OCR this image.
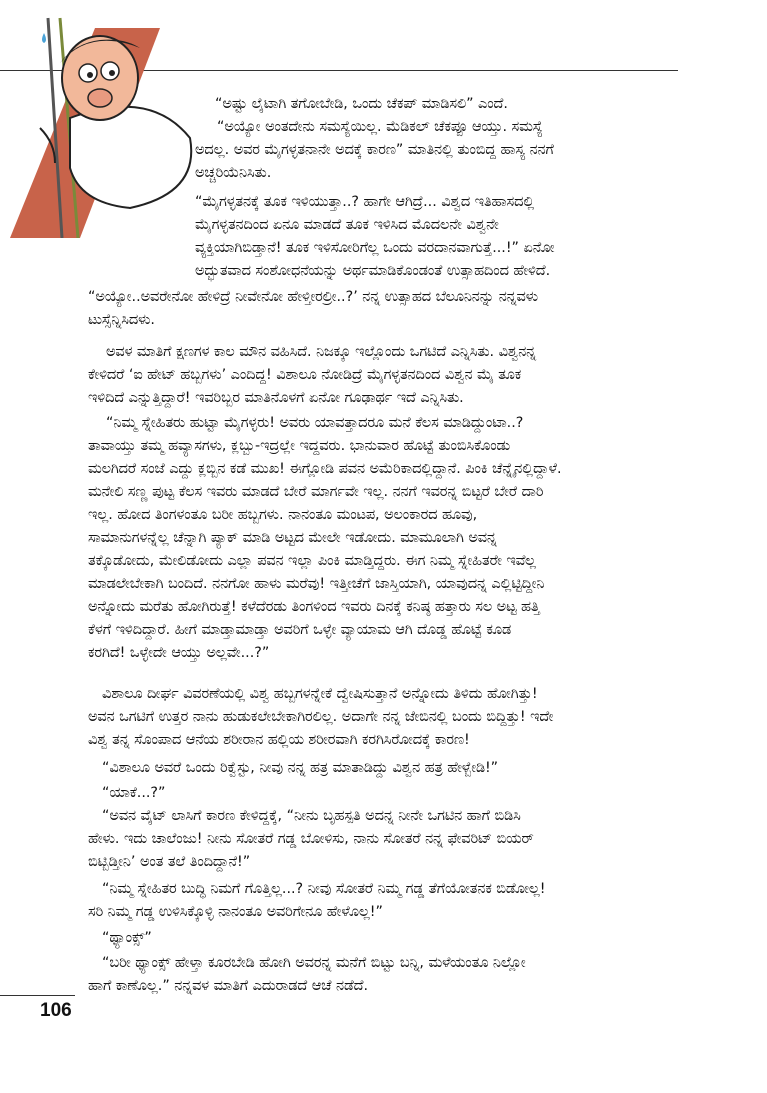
“ಅಷ್ಟು ಲೈಟಾಗಿ ತಗೋಬೇಡಿ, ಒಂದು ಚೆಕಪ್ ಮಾಡಿಸಲಿ” ಎಂದೆ.

“ಅಯ್ಯೋ ಅಂತದೇನು ಸಮಸ್ಯೆಯಿಲ್ಲ. ಮೆಡಿಕಲ್ ಚೆಕಪ್ಪೂ ಆಯ್ತು. ಸಮಸ್ಯೆ
ಅದಲ್ಲ. ಅವರ ಮೈಗಳ್ಳತನಾನೇ ಅದಕ್ಕೆ ಕಾರಣ” ಮಾತಿನಲ್ಲಿ ತುಂಬಿದ್ದ ಹಾಸ್ಯ ನನಗೆ
ಅಚ್ಚರಿಯೆನಿಸಿತು.

“ಮೈಗಳ್ಳತನಕ್ಕೆ ತೂಕ ಇಳಿಯುತ್ತಾ..? ಹಾಗೇ ಆಗಿದ್ರೆ... ವಿಶ್ವದ ಇತಿಹಾಸದಲ್ಲಿ
ಮೈಗಳ್ಳತನದಿಂದ ಏನೂ ಮಾಡದೆ ತೂಕ ಇಳಿಸಿದ ಮೊದಲನೇ ವಿಶ್ವನೇ
ವ್ಯಕ್ತಿಯಾಗಿಬಿಡ್ತಾನೆ! ತೂಕ ಇಳಿಸೋರಿಗೆಲ್ಲ ಒಂದು ವರದಾನವಾಗುತ್ತೆ...!” ಏನೋ
ಅದ್ಭುತವಾದ ಸಂಶೋಧನೆಯನ್ನು ಅರ್ಥಮಾಡಿಕೊಂಡಂತೆ ಉತ್ಸಾಹದಿಂದ ಹೇಳಿದೆ.

“ಅಯ್ಯೋ..ಅವರೇನೋ ಹೇಳಿದ್ರೆ ನೀವೇನೋ ಹೇಳ್ತೀರಲ್ರೀ..?’ ನನ್ನ ಉತ್ಸಾಹದ ಬೆಲೂನಿನನ್ನು ನನ್ನವಳು
ಟುಸ್ಸೆನ್ನಿಸಿದಳು.

ಅವಳ ಮಾತಿಗೆ ಕ್ಷಣಗಳ ಕಾಲ ಮೌನ ವಹಿಸಿದೆ. ನಿಜಕ್ಕೂ ಇಲ್ಲೊಂದು ಒಗಟಿದೆ ಎನ್ನಿಸಿತು. ವಿಶ್ವನನ್ನ
ಕೇಳಿದರೆ ‘ಐ ಹೇಟ್ ಹಬ್ಬಗಳು’ ಎಂದಿದ್ದ! ವಿಶಾಲೂ ನೋಡಿದ್ರೆ ಮೈಗಳ್ಳತನದಿಂದ ವಿಶ್ವನ ಮೈ ತೂಕ
ಇಳಿದಿದೆ ಎನ್ನುತ್ತಿದ್ದಾರೆ! ಇವರಿಬ್ಬರ ಮಾತಿನೊಳಗೆ ಏನೋ ಗೂಢಾರ್ಥ ಇದೆ ಎನ್ನಿಸಿತು.

“ನಿಮ್ಮ ಸ್ನೇಹಿತರು ಹುಟ್ಟಾ ಮೈಗಳ್ಳರು! ಅವರು ಯಾವತ್ತಾದರೂ ಮನೆ ಕೆಲಸ ಮಾಡಿದ್ದುಂಟಾ..?
ತಾವಾಯ್ತು ತಮ್ಮ ಹವ್ಯಾಸಗಳು, ಕ್ಲಬ್ಬು-ಇದ್ರಲ್ಲೇ ಇದ್ದವರು. ಭಾನುವಾರ ಹೊಟ್ಟೆ ತುಂಬಿಸಿಕೊಂಡು
ಮಲಗಿದರೆ ಸಂಜೆ ಎದ್ದು ಕ್ಲಬ್ಬಿನ ಕಡೆ ಮುಖ! ಈಗ್ಲೋಡಿ ಪವನ ಅಮೆರಿಕಾದಲ್ಲಿದ್ದಾನೆ. ಪಿಂಕಿ ಚೆನ್ನೈನಲ್ಲಿದ್ದಾಳೆ.
ಮನೇಲಿ ಸಣ್ಣ ಪುಟ್ಟ ಕೆಲಸ ಇವರು ಮಾಡದೆ ಬೇರೆ ಮಾರ್ಗವೇ ಇಲ್ಲ. ನನಗೆ ಇವರನ್ನ ಬಿಟ್ಟರೆ ಬೇರೆ ದಾರಿ
ಇಲ್ಲ. ಹೋದ ತಿಂಗಳಂತೂ ಬರೀ ಹಬ್ಬಗಳು. ನಾನಂತೂ ಮಂಟಪ, ಅಲಂಕಾರದ ಹೂವು,
ಸಾಮಾನುಗಳನ್ನೆಲ್ಲ ಚೆನ್ನಾಗಿ ಪ್ಯಾಕ್ ಮಾಡಿ ಅಟ್ಟದ ಮೇಲೇ ಇಡೋದು. ಮಾಮೂಲಾಗಿ ಅವನ್ನ
ತಕ್ಕೊಡೋದು, ಮೇಲಿಡೋದು ಎಲ್ಲಾ ಪವನ ಇಲ್ಲಾ ಪಿಂಕಿ ಮಾಡ್ತಿದ್ದರು. ಈಗ ನಿಮ್ಮ ಸ್ನೇಹಿತರೇ ಇವೆಲ್ಲ
ಮಾಡಲೇಬೇಕಾಗಿ ಬಂದಿದೆ. ನನಗೋ ಹಾಳು ಮರೆವು! ಇತ್ತೀಚೆಗೆ ಜಾಸ್ತಿಯಾಗಿ, ಯಾವುದನ್ನ ಎಲ್ಲಿಟ್ಟಿದ್ದೀನಿ
ಅನ್ನೋದು ಮರೆತು ಹೋಗಿರುತ್ತೆ! ಕಳೆದೆರಡು ತಿಂಗಳಿಂದ ಇವರು ದಿನಕ್ಕೆ ಕನಿಷ್ಠ ಹತ್ತಾರು ಸಲ ಅಟ್ಟ ಹತ್ತಿ
ಕೆಳಗೆ ಇಳಿದಿದ್ದಾರೆ. ಹೀಗೆ ಮಾಡ್ತಾಮಾಡ್ತಾ ಅವರಿಗೆ ಒಳ್ಳೇ ವ್ಯಾಯಾಮ ಆಗಿ ದೊಡ್ಡ ಹೊಟ್ಟೆ ಕೂಡ
ಕರಗಿದೆ! ಒಳ್ಳೇದೇ ಆಯ್ತು ಅಲ್ಲವೇ...?”

ವಿಶಾಲೂ ದೀರ್ಘ ವಿವರಣೆಯಲ್ಲಿ ವಿಶ್ವ ಹಬ್ಬಗಳನ್ನೇಕೆ ದ್ವೇಷಿಸುತ್ತಾನೆ ಅನ್ನೋದು ತಿಳಿದು ಹೋಗಿತ್ತು!
ಅವನ ಒಗಟಿಗೆ ಉತ್ತರ ನಾನು ಹುಡುಕಲೇಬೇಕಾಗಿರಲಿಲ್ಲ. ಅದಾಗೇ ನನ್ನ ಜೇಬಿನಲ್ಲಿ ಬಂದು ಬಿದ್ದಿತ್ತು! ಇದೇ
ವಿಶ್ವ ತನ್ನ ಸೊಂಪಾದ ಆನೆಯ ಶರೀರಾನ ಹಲ್ಲಿಯ ಶರೀರವಾಗಿ ಕರಗಿಸಿರೋದಕ್ಕೆ ಕಾರಣ!

“ವಿಶಾಲೂ ಅವರೆ ಒಂದು ರಿಕ್ವೆಸ್ಟು, ನೀವು ನನ್ನ ಹತ್ರ ಮಾತಾಡಿದ್ದು ವಿಶ್ವನ ಹತ್ರ ಹೇಳ್ಬೇಡಿ!”

“ಯಾಕೆ...?”

“ಅವನ ವೈಟ್ ಲಾಸಿಗೆ ಕಾರಣ ಕೇಳಿದ್ದಕ್ಕೆ, “ನೀನು ಬೃಹಸ್ಪತಿ ಅದನ್ನ ನೀನೇ ಒಗಟಿನ ಹಾಗೆ ಬಿಡಿಸಿ
ಹೇಳು. ಇದು ಚಾಲೆಂಜು! ನೀನು ಸೋತರೆ ಗಡ್ಡ ಬೋಳಿಸು, ನಾನು ಸೋತರೆ ನನ್ನ ಫೇವರಿಟ್ ಬಿಯರ್
ಬಿಟ್ಬಿಡ್ತೀನಿ’ ಅಂತ ತಲೆ ತಿಂದಿದ್ದಾನೆ!”

“ನಿಮ್ಮ ಸ್ನೇಹಿತರ ಬುದ್ಧಿ ನಿಮಗೆ ಗೊತ್ತಿಲ್ಲ...? ನೀವು ಸೋತರೆ ನಿಮ್ಮ ಗಡ್ಡ ತೆಗೆಯೋತನಕ ಬಿಡೋಲ್ಲ!
ಸರಿ ನಿಮ್ಮ ಗಡ್ಡ ಉಳಿಸಿಕ್ಕೊಳ್ಳಿ ನಾನಂತೂ ಅವರಿಗೇನೂ ಹೇಳೊಲ್ಲ!”

“ಥ್ಯಾಂಕ್ಸ್”

“ಬರೀ ಥ್ಯಾಂಕ್ಸ್ ಹೇಳ್ತಾ ಕೂರಬೇಡಿ ಹೋಗಿ ಅವರನ್ನ ಮನೆಗೆ ಬಿಟ್ಟು ಬನ್ನಿ, ಮಳೆಯಂತೂ ನಿಲ್ಲೋ
ಹಾಗೆ ಕಾಣೊಲ್ಲ.” ನನ್ನವಳ ಮಾತಿಗೆ ಎದುರಾಡದೆ ಆಚೆ ನಡೆದೆ.

106
